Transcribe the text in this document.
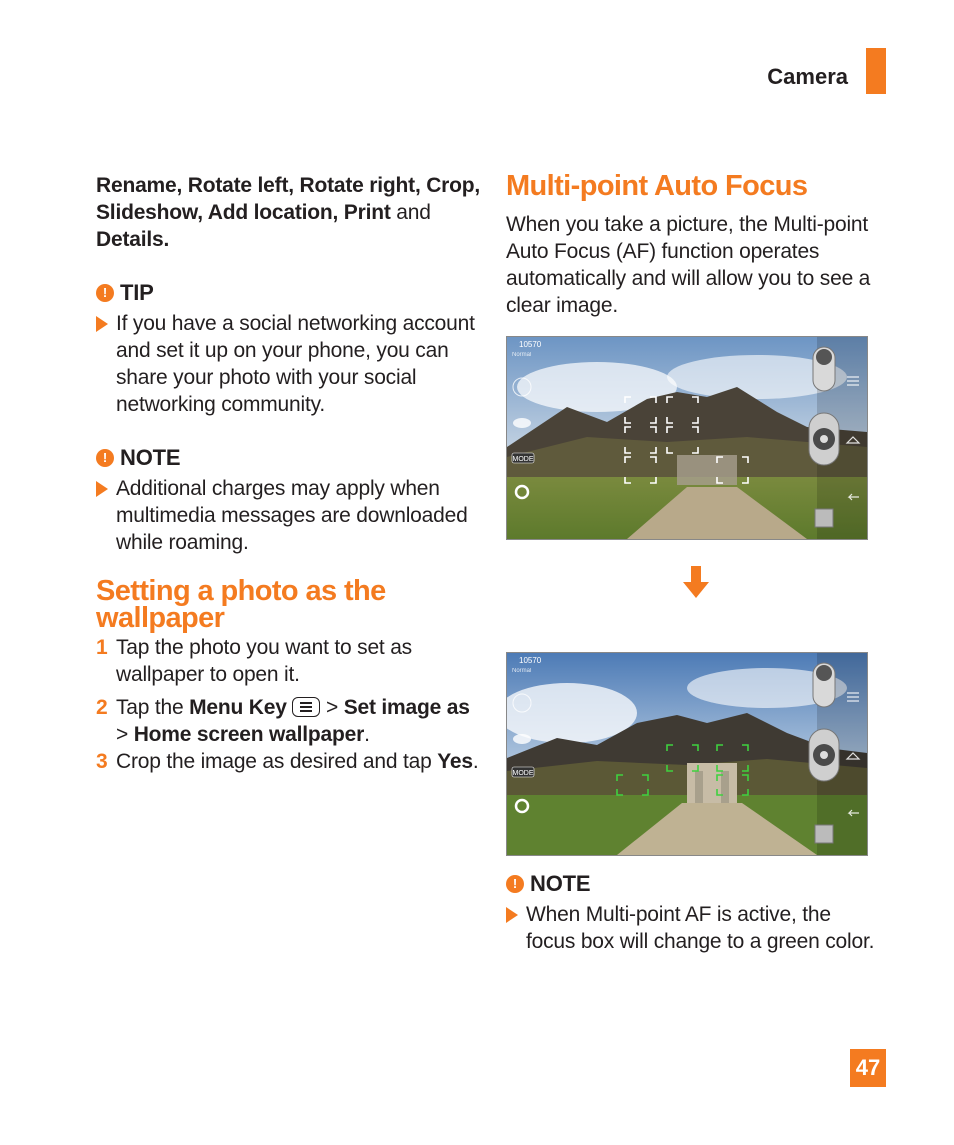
Camera
Rename, Rotate left, Rotate right, Crop,
Slideshow, Add location, Print and
Details.
! TIP
If you have a social networking account and set it up on your phone, you can share your photo with your social networking community.
! NOTE
Additional charges may apply when multimedia messages are downloaded while roaming.
Setting a photo as the wallpaper
1 Tap the photo you want to set as wallpaper to open it.
2 Tap the Menu Key
> Set image as
> Home screen wallpaper.
3 Crop the image as desired and tap Yes.
Multi-point Auto Focus
When you take a picture, the Multi-point Auto Focus (AF) function operates automatically and will allow you to see a clear image.
MODE
10570
Normal
MODE
10570
Normal
! NOTE
When Multi-point AF is active, the focus box will change to a green color.
47
